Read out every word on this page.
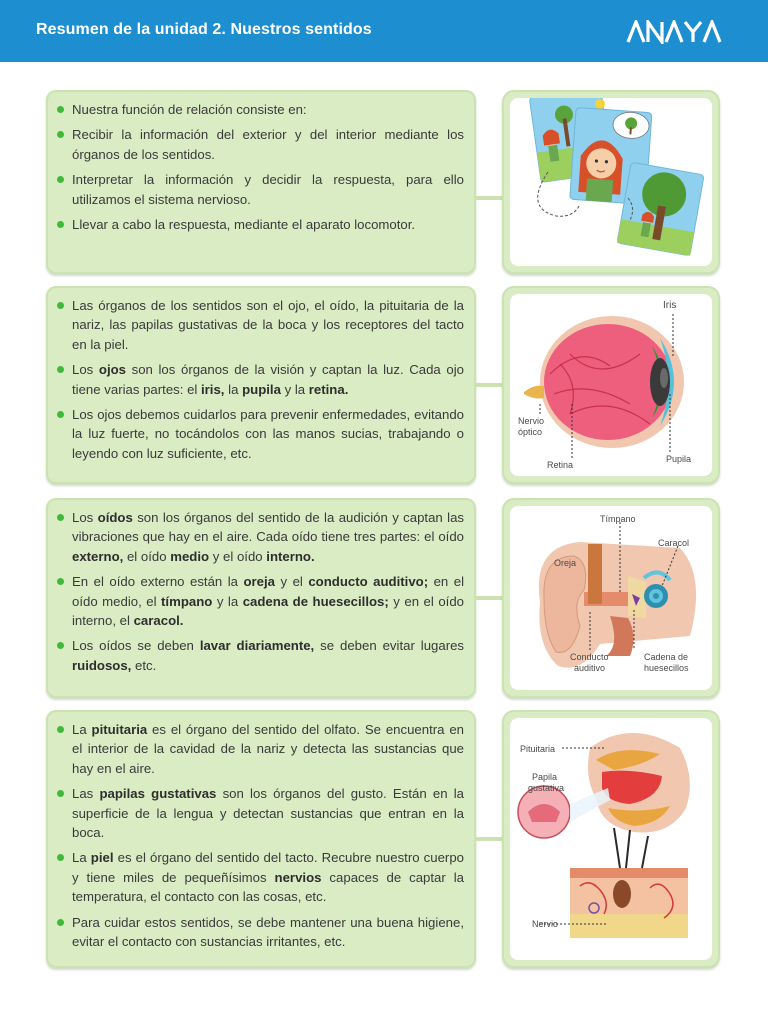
Resumen de la unidad 2. Nuestros sentidos
Nuestra función de relación consiste en:
Recibir la información del exterior y del interior mediante los órganos de los sentidos.
Interpretar la información y decidir la respuesta, para ello utilizamos el sistema nervioso.
Llevar a cabo la respuesta, mediante el aparato locomotor.
Las órganos de los sentidos son el ojo, el oído, la pituitaria de la nariz, las papilas gustativas de la boca y los receptores del tacto en la piel.
Los ojos son los órganos de la visión y captan la luz. Cada ojo tiene varias partes: el iris, la pupila y la retina.
Los ojos debemos cuidarlos para prevenir enfermedades, evitando la luz fuerte, no tocándolos con las manos sucias, trabajando o leyendo con luz suficiente, etc.
Iris
Nervio
óptico
Retina
Pupila
Los oídos son los órganos del sentido de la audición y captan las vibraciones que hay en el aire. Cada oído tiene tres partes: el oído externo, el oído medio y el oído interno.
En el oído externo están la oreja y el conducto auditivo; en el oído medio, el tímpano y la cadena de huesecillos; y en el oído interno, el caracol.
Los oídos se deben lavar diariamente, se deben evitar lugares ruidosos, etc.
Tímpano
Caracol
Oreja
Conducto
auditivo
Cadena de
huesecillos
La pituitaria es el órgano del sentido del olfato. Se encuentra en el interior de la cavidad de la nariz y detecta las sustancias que hay en el aire.
Las papilas gustativas son los órganos del gusto. Están en la superficie de la lengua y detectan sustancias que entran en la boca.
La piel es el órgano del sentido del tacto. Recubre nuestro cuerpo y tiene miles de pequeñísimos nervios capaces de captar la temperatura, el contacto con las cosas, etc.
Para cuidar estos sentidos, se debe mantener una buena higiene, evitar el contacto con sustancias irritantes, etc.
Pituitaria
Papila
gustativa
Nervio
